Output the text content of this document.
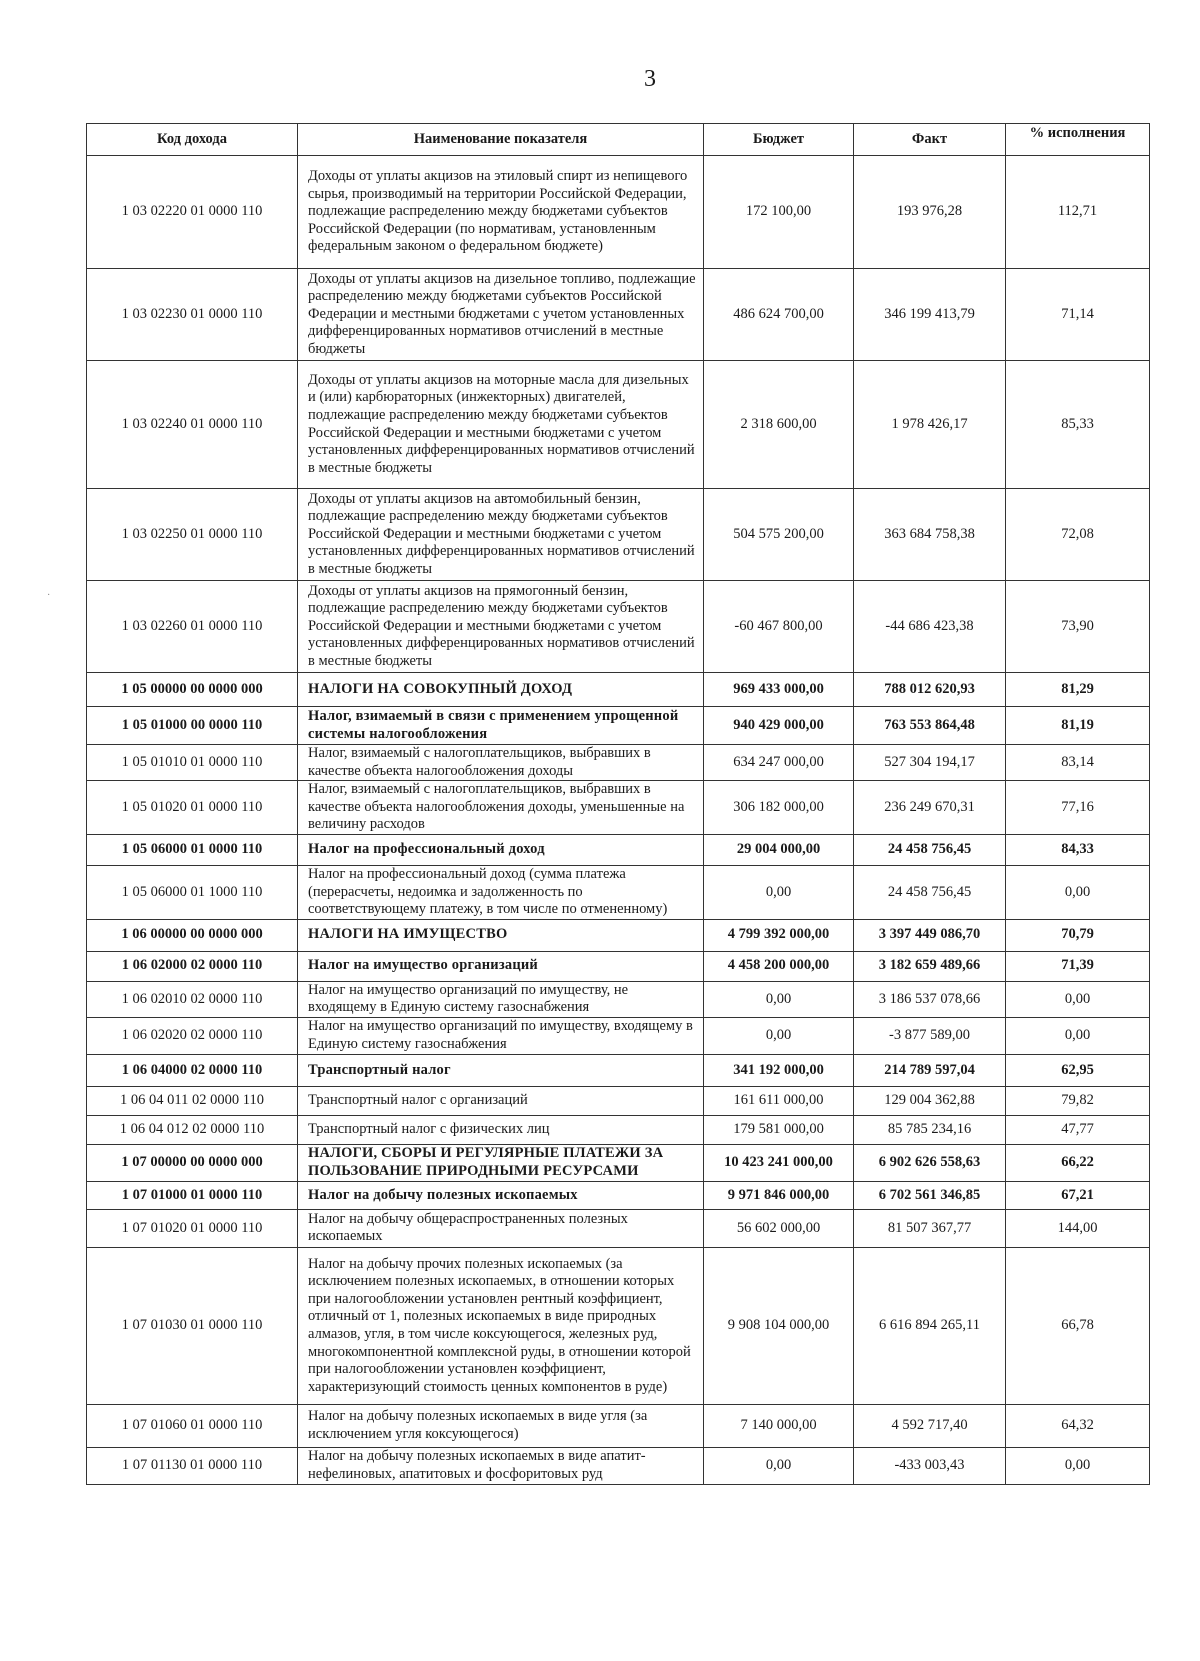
3
·
Код дохода	Наименование показателя	Бюджет	Факт	% исполнения
1 03 02220 01 0000 110	Доходы от уплаты акцизов на этиловый спирт из непищевого сырья, производимый на территории Российской Федерации, подлежащие распределению между бюджетами субъектов Российской Федерации (по нормативам, установленным федеральным законом о федеральном бюджете)	172 100,00	193 976,28	112,71
1 03 02230 01 0000 110	Доходы от уплаты акцизов на дизельное топливо, подлежащие распределению между бюджетами субъектов Российской Федерации и местными бюджетами с учетом установленных дифференцированных нормативов отчислений в местные бюджеты	486 624 700,00	346 199 413,79	71,14
1 03 02240 01 0000 110	Доходы от уплаты акцизов на моторные масла для дизельных и (или) карбюраторных (инжекторных) двигателей, подлежащие распределению между бюджетами субъектов Российской Федерации и местными бюджетами с учетом установленных дифференцированных нормативов отчислений в местные бюджеты	2 318 600,00	1 978 426,17	85,33
1 03 02250 01 0000 110	Доходы от уплаты акцизов на автомобильный бензин, подлежащие распределению между бюджетами субъектов Российской Федерации и местными бюджетами с учетом установленных дифференцированных нормативов отчислений в местные бюджеты	504 575 200,00	363 684 758,38	72,08
1 03 02260 01 0000 110	Доходы от уплаты акцизов на прямогонный бензин, подлежащие распределению между бюджетами субъектов Российской Федерации и местными бюджетами с учетом установленных дифференцированных нормативов отчислений в местные бюджеты	-60 467 800,00	-44 686 423,38	73,90
1 05 00000 00 0000 000	НАЛОГИ НА СОВОКУПНЫЙ ДОХОД	969 433 000,00	788 012 620,93	81,29
1 05 01000 00 0000 110	Налог, взимаемый в связи с применением упрощенной системы налогообложения	940 429 000,00	763 553 864,48	81,19
1 05 01010 01 0000 110	Налог, взимаемый с налогоплательщиков, выбравших в качестве объекта налогообложения доходы	634 247 000,00	527 304 194,17	83,14
1 05 01020 01 0000 110	Налог, взимаемый с налогоплательщиков, выбравших в качестве объекта налогообложения доходы, уменьшенные на величину расходов	306 182 000,00	236 249 670,31	77,16
1 05 06000 01 0000 110	Налог на профессиональный доход	29 004 000,00	24 458 756,45	84,33
1 05 06000 01 1000 110	Налог на профессиональный доход (сумма платежа (перерасчеты, недоимка и задолженность по соответствующему платежу, в том числе по отмененному)	0,00	24 458 756,45	0,00
1 06 00000 00 0000 000	НАЛОГИ НА ИМУЩЕСТВО	4 799 392 000,00	3 397 449 086,70	70,79
1 06 02000 02 0000 110	Налог на имущество организаций	4 458 200 000,00	3 182 659 489,66	71,39
1 06 02010 02 0000 110	Налог на имущество организаций по имуществу, не входящему в Единую систему газоснабжения	0,00	3 186 537 078,66	0,00
1 06 02020 02 0000 110	Налог на имущество организаций по имуществу, входящему в Единую систему газоснабжения	0,00	-3 877 589,00	0,00
1 06 04000 02 0000 110	Транспортный налог	341 192 000,00	214 789 597,04	62,95
1 06 04 011 02 0000 110	Транспортный налог с организаций	161 611 000,00	129 004 362,88	79,82
1 06 04 012 02 0000 110	Транспортный налог с физических лиц	179 581 000,00	85 785 234,16	47,77
1 07 00000 00 0000 000	НАЛОГИ, СБОРЫ И РЕГУЛЯРНЫЕ ПЛАТЕЖИ ЗА ПОЛЬЗОВАНИЕ ПРИРОДНЫМИ РЕСУРСАМИ	10 423 241 000,00	6 902 626 558,63	66,22
1 07 01000 01 0000 110	Налог на добычу полезных ископаемых	9 971 846 000,00	6 702 561 346,85	67,21
1 07 01020 01 0000 110	Налог на добычу общераспространенных полезных ископаемых	56 602 000,00	81 507 367,77	144,00
1 07 01030 01 0000 110	Налог на добычу прочих полезных ископаемых (за исключением полезных ископаемых, в отношении которых при налогообложении установлен рентный коэффициент, отличный от 1, полезных ископаемых в виде природных алмазов, угля, в том числе коксующегося, железных руд, многокомпонентной комплексной руды, в отношении которой при налогообложении установлен коэффициент, характеризующий стоимость ценных компонентов в руде)	9 908 104 000,00	6 616 894 265,11	66,78
1 07 01060 01 0000 110	Налог на добычу полезных ископаемых в виде угля (за исключением угля коксующегося)	7 140 000,00	4 592 717,40	64,32
1 07 01130 01 0000 110	Налог на добычу полезных ископаемых в виде апатит-нефелиновых, апатитовых и фосфоритовых руд	0,00	-433 003,43	0,00
